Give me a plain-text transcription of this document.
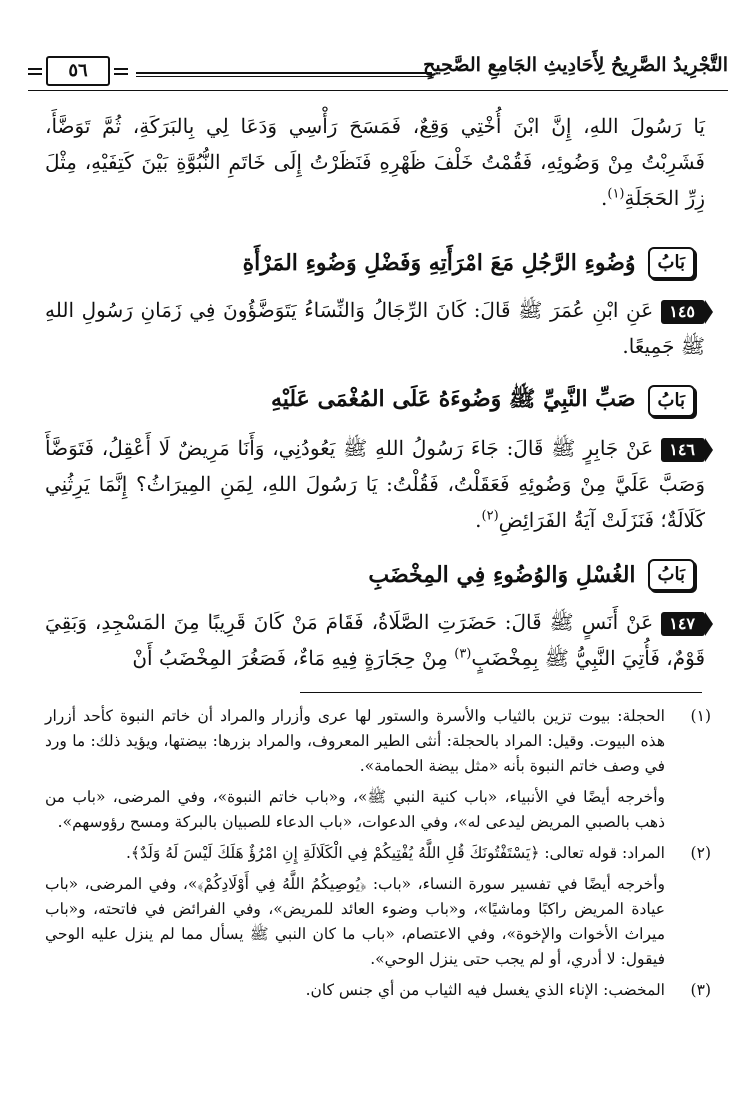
التَّجْرِيدُ الصَّرِيحُ لِأَحَادِيثِ الجَامِعِ الصَّحِيحِ
٥٦
يَا رَسُولَ اللهِ، إِنَّ ابْنَ أُخْتِي وَقِعٌ، فَمَسَحَ رَأْسِي وَدَعَا لِي بِالبَرَكَةِ، ثُمَّ تَوَضَّأَ، فَشَرِبْتُ مِنْ وَضُوئِهِ، فَقُمْتُ خَلْفَ ظَهْرِهِ فَنَظَرْتُ إِلَى خَاتَمِ النُّبُوَّةِ بَيْنَ كَتِفَيْهِ، مِثْلَ زِرِّ الحَجَلَةِ$^{(١)}$.
بَابُ
وُضُوءِ الرَّجُلِ مَعَ امْرَأَتِهِ وَفَضْلِ وَضُوءِ المَرْأَةِ
١٤٥عَنِ ابْنِ عُمَرَ ﷺ قَالَ: كَانَ الرِّجَالُ وَالنِّسَاءُ يَتَوَضَّؤُونَ فِي زَمَانِ رَسُولِ اللهِ ﷺ جَمِيعًا.
بَابُ
صَبِّ النَّبِيِّ ﷺ وَضُوءَهُ عَلَى المُغْمَى عَلَيْهِ
١٤٦عَنْ جَابِرٍ ﷺ قَالَ: جَاءَ رَسُولُ اللهِ ﷺ يَعُودُنِي، وَأَنَا مَرِيضٌ لَا أَعْقِلُ، فَتَوَضَّأَ وَصَبَّ عَلَيَّ مِنْ وَضُوئِهِ فَعَقَلْتُ، فَقُلْتُ: يَا رَسُولَ اللهِ، لِمَنِ المِيرَاثُ؟ إِنَّمَا يَرِثُنِي كَلَالَةٌ؛ فَنَزَلَتْ آيَةُ الفَرَائِضِ$^{(٢)}$.
بَابُ
الغُسْلِ وَالوُضُوءِ فِي المِخْضَبِ
١٤٧عَنْ أَنَسٍ ﷺ قَالَ: حَضَرَتِ الصَّلَاةُ، فَقَامَ مَنْ كَانَ قَرِيبًا مِنَ المَسْجِدِ، وَبَقِيَ قَوْمٌ، فَأُتِيَ النَّبِيُّ ﷺ بِمِخْضَبٍ$^{(٣)}$ مِنْ حِجَارَةٍ فِيهِ مَاءٌ، فَصَغُرَ المِخْضَبُ أَنْ
(١)

الحجلة: بيوت تزين بالثياب والأسرة والستور لها عرى وأزرار والمراد أن خاتم النبوة كأحد أزرار هذه البيوت. وقيل: المراد بالحجلة: أنثى الطير المعروف، والمراد بزرها: بيضتها، ويؤيد ذلك: ما ورد في وصف خاتم النبوة بأنه «مثل بيضة الحمامة».

وأخرجه أيضًا في الأنبياء، «باب كنية النبي ﷺ»، و«باب خاتم النبوة»، وفي المرضى، «باب من ذهب بالصبي المريض ليدعى له»، وفي الدعوات، «باب الدعاء للصبيان بالبركة ومسح رؤوسهم».

(٢)

المراد: قوله تعالى: ﴿يَسْتَفْتُونَكَ قُلِ اللَّهُ يُفْتِيكُمْ فِي الْكَلَالَةِ إِنِ امْرُؤٌ هَلَكَ لَيْسَ لَهُ وَلَدٌ﴾.

وأخرجه أيضًا في تفسير سورة النساء، «باب: ﴿يُوصِيكُمُ اللَّهُ فِي أَوْلَادِكُمْ﴾»، وفي المرضى، «باب عيادة المريض راكبًا وماشيًا»، و«باب وضوء العائد للمريض»، وفي الفرائض في فاتحته، و«باب ميراث الأخوات والإخوة»، وفي الاعتصام، «باب ما كان النبي ﷺ يسأل مما لم ينزل عليه الوحي فيقول: لا أدري، أو لم يجب حتى ينزل الوحي».

(٣)

المخضب: الإناء الذي يغسل فيه الثياب من أي جنس كان.
